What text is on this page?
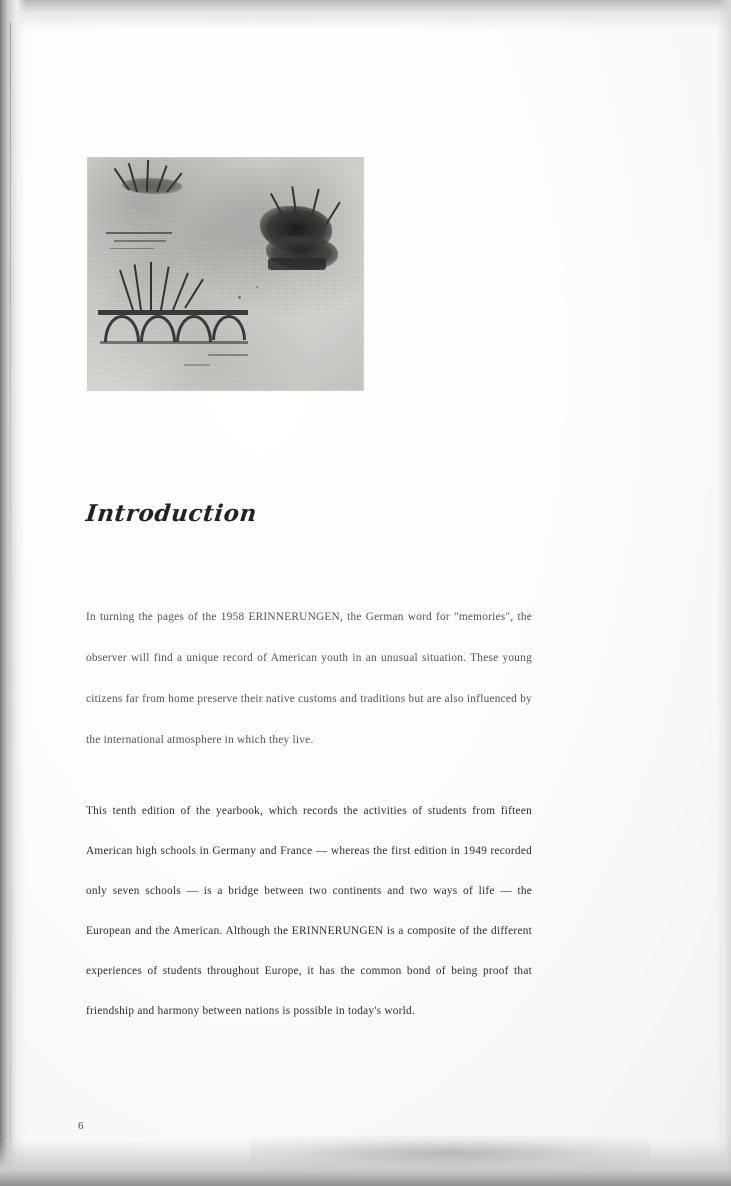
Introduction

In turning the pages of the 1958 ERINNERUNGEN, the German word for "memories", the observer will find a unique record of American youth in an unusual situation. These young citizens far from home preserve their native customs and traditions but are also influenced by the international atmosphere in which they live.

This tenth edition of the yearbook, which records the activities of students from fifteen American high schools in Germany and France — whereas the first edition in 1949 recorded only seven schools — is a bridge between two continents and two ways of life — the European and the American. Although the ERINNERUNGEN is a composite of the different experiences of students throughout Europe, it has the common bond of being proof that friendship and harmony between nations is possible in today's world.

6
